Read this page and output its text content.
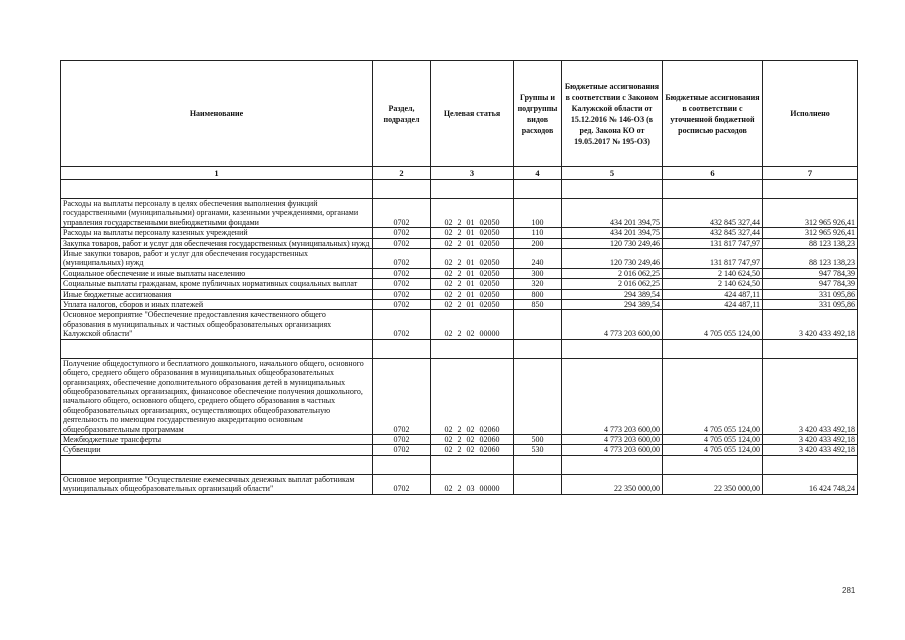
Наименование	Раздел, подраздел	Целевая статья	Группы и подгруппы видов расходов	Бюджетные ассигнования в соответствии с Законом Калужской области от 15.12.2016 № 146-ОЗ (в ред. Закона КО от 19.05.2017 № 195-ОЗ)	Бюджетные ассигнования в соответствии с уточненной бюджетной росписью расходов	Исполнено
1	2	3	4	5	6	7

Расходы на выплаты персоналу в целях обеспечения выполнения функций государственными (муниципальными) органами, казенными учреждениями, органами управления государственными внебюджетными фондами	0702	02 2 01 02050	100	434 201 394,75	432 845 327,44	312 965 926,41
Расходы на выплаты персоналу казенных учреждений	0702	02 2 01 02050	110	434 201 394,75	432 845 327,44	312 965 926,41
Закупка товаров, работ и услуг для обеспечения государственных (муниципальных) нужд	0702	02 2 01 02050	200	120 730 249,46	131 817 747,97	88 123 138,23
Иные закупки товаров, работ и услуг для обеспечения государственных (муниципальных) нужд	0702	02 2 01 02050	240	120 730 249,46	131 817 747,97	88 123 138,23
Социальное обеспечение и иные выплаты населению	0702	02 2 01 02050	300	2 016 062,25	2 140 624,50	947 784,39
Социальные выплаты гражданам, кроме публичных нормативных социальных выплат	0702	02 2 01 02050	320	2 016 062,25	2 140 624,50	947 784,39
Иные бюджетные ассигнования	0702	02 2 01 02050	800	294 389,54	424 487,11	331 095,86
Уплата налогов, сборов и иных платежей	0702	02 2 01 02050	850	294 389,54	424 487,11	331 095,86
Основное мероприятие "Обеспечение предоставления качественного общего образования в муниципальных и частных общеобразовательных организациях Калужской области"	0702	02 2 02 00000		4 773 203 600,00	4 705 055 124,00	3 420 433 492,18

Получение общедоступного и бесплатного дошкольного, начального общего, основного общего, среднего общего образования в муниципальных общеобразовательных организациях, обеспечение дополнительного образования детей в муниципальных общеобразовательных организациях, финансовое обеспечение получения дошкольного, начального общего, основного общего, среднего общего образования в частных общеобразовательных организациях, осуществляющих общеобразовательную деятельность по имеющим государственную аккредитацию основным общеобразовательным программам	0702	02 2 02 02060		4 773 203 600,00	4 705 055 124,00	3 420 433 492,18
Межбюджетные трансферты	0702	02 2 02 02060	500	4 773 203 600,00	4 705 055 124,00	3 420 433 492,18
Субвенции	0702	02 2 02 02060	530	4 773 203 600,00	4 705 055 124,00	3 420 433 492,18

Основное мероприятие "Осуществление ежемесячных денежных выплат работникам муниципальных общеобразовательных организаций области"	0702	02 2 03 00000		22 350 000,00	22 350 000,00	16 424 748,24
281
